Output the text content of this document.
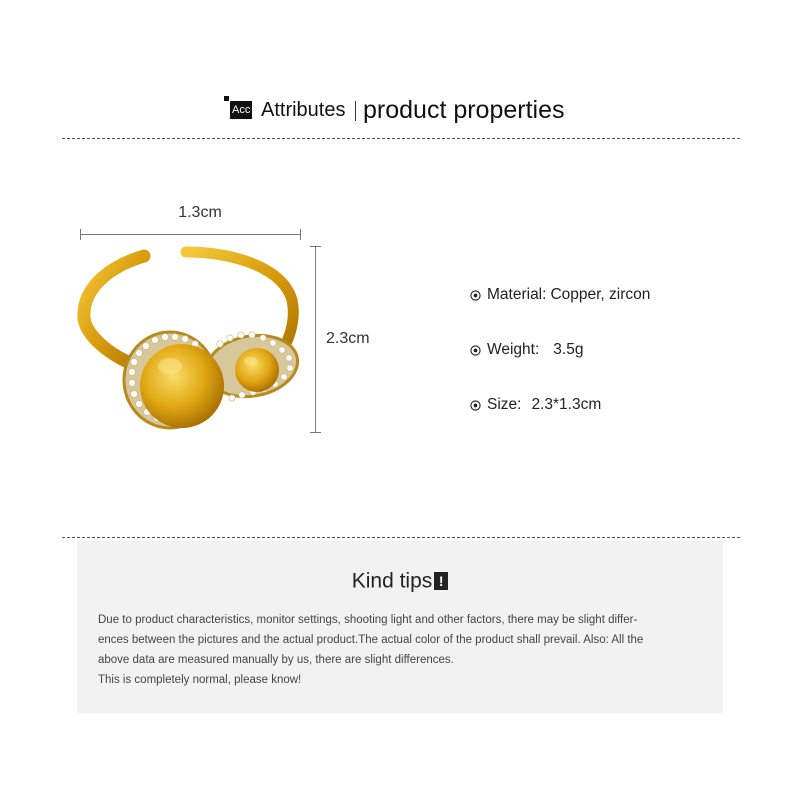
Acc Attributes product properties
1.3cm
2.3cm
Material: Copper, zircon
Weight: 3.5g
Size: 2.3*1.3cm
Kind tips !
Due to product characteristics, monitor settings, shooting light and other factors, there may be slight differ-
ences between the pictures and the actual product.The actual color of the product shall prevail. Also: All the
above data are measured manually by us, there are slight differences.
This is completely normal, please know!
